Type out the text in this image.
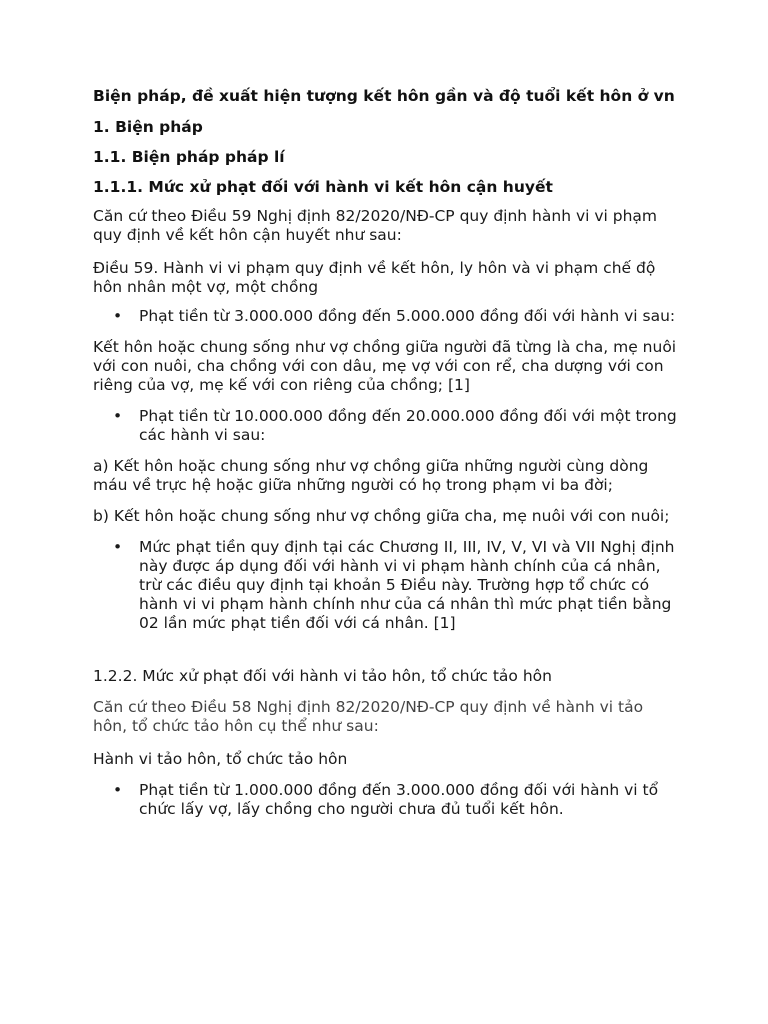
Biện pháp, đề xuất hiện tượng kết hôn gần và độ tuổi kết hôn ở vn

1. Biện pháp

1.1. Biện pháp pháp lí

1.1.1. Mức xử phạt đối với hành vi kết hôn cận huyết

Căn cứ theo Điều 59 Nghị định 82/2020/NĐ-CP quy định hành vi vi phạm quy định về kết hôn cận huyết như sau:

Điều 59. Hành vi vi phạm quy định về kết hôn, ly hôn và vi phạm chế độ hôn nhân một vợ, một chồng

• Phạt tiền từ 3.000.000 đồng đến 5.000.000 đồng đối với hành vi sau:

Kết hôn hoặc chung sống như vợ chồng giữa người đã từng là cha, mẹ nuôi với con nuôi, cha chồng với con dâu, mẹ vợ với con rể, cha dượng với con riêng của vợ, mẹ kế với con riêng của chồng; [1]

• Phạt tiền từ 10.000.000 đồng đến 20.000.000 đồng đối với một trong các hành vi sau:

a) Kết hôn hoặc chung sống như vợ chồng giữa những người cùng dòng máu về trực hệ hoặc giữa những người có họ trong phạm vi ba đời;

b) Kết hôn hoặc chung sống như vợ chồng giữa cha, mẹ nuôi với con nuôi;

• Mức phạt tiền quy định tại các Chương II, III, IV, V, VI và VII Nghị định này được áp dụng đối với hành vi vi phạm hành chính của cá nhân, trừ các điều quy định tại khoản 5 Điều này. Trường hợp tổ chức có hành vi vi phạm hành chính như của cá nhân thì mức phạt tiền bằng 02 lần mức phạt tiền đối với cá nhân. [1]

1.2.2. Mức xử phạt đối với hành vi tảo hôn, tổ chức tảo hôn

Căn cứ theo Điều 58 Nghị định 82/2020/NĐ-CP quy định về hành vi tảo hôn, tổ chức tảo hôn cụ thể như sau:

Hành vi tảo hôn, tổ chức tảo hôn

• Phạt tiền từ 1.000.000 đồng đến 3.000.000 đồng đối với hành vi tổ chức lấy vợ, lấy chồng cho người chưa đủ tuổi kết hôn.
